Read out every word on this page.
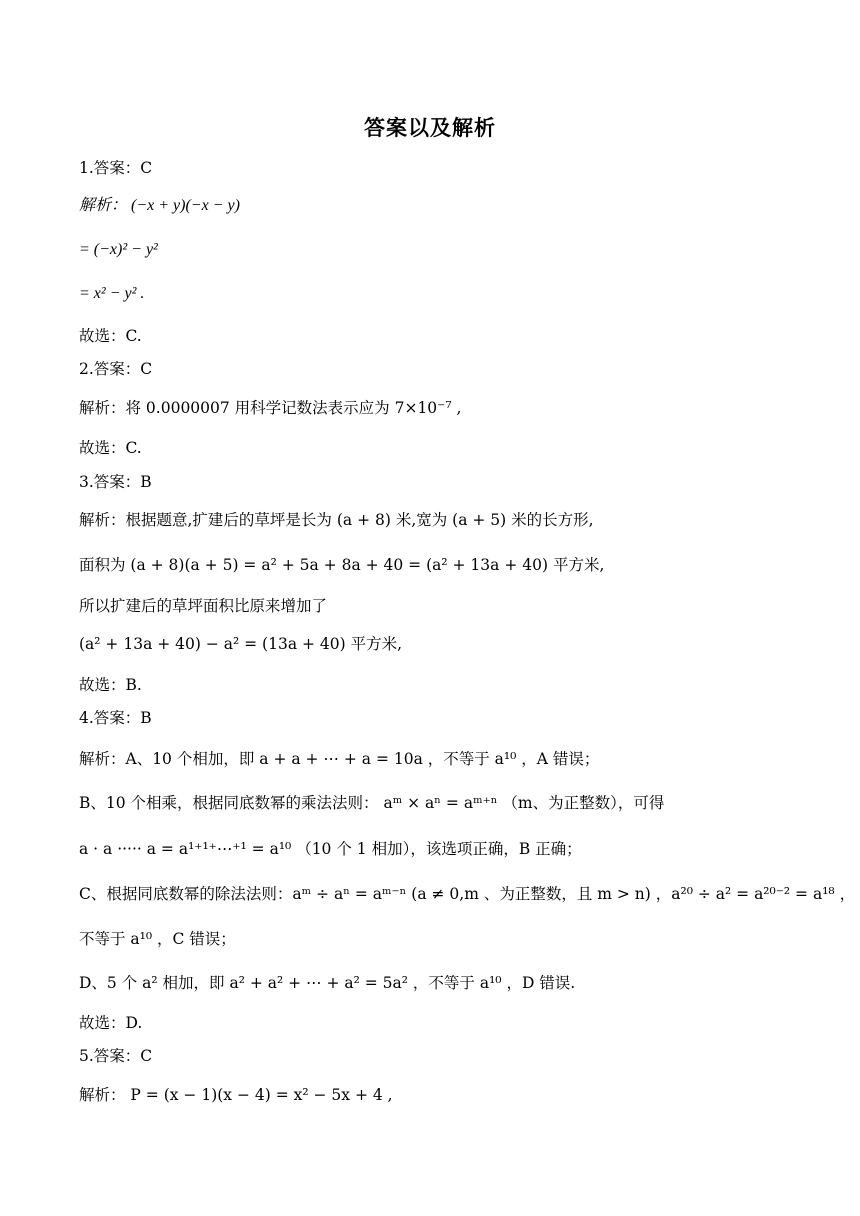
答案以及解析
1.答案：C
解析： (−x + y)(−x − y)
= (−x)² − y²
= x² − y² .
故选：C.
2.答案：C
解析：将 0.0000007 用科学记数法表示应为 7×10⁻⁷ ,
故选：C.
3.答案：B
解析：根据题意,扩建后的草坪是长为 (a + 8) 米,宽为 (a + 5) 米的长方形,
面积为 (a + 8)(a + 5) = a² + 5a + 8a + 40 = (a² + 13a + 40) 平方米,
所以扩建后的草坪面积比原来增加了
(a² + 13a + 40) − a² = (13a + 40) 平方米,
故选：B.
4.答案：B
解析：A、10 个相加，即 a + a + ⋯ + a = 10a ，不等于 a¹⁰ ，A 错误；
B、10 个相乘，根据同底数幂的乘法法则： aᵐ × aⁿ = aᵐ⁺ⁿ （m、为正整数），可得
a · a ····· a = a¹⁺¹⁺⋯⁺¹ = a¹⁰ （10 个 1 相加），该选项正确，B 正确；
C、根据同底数幂的除法法则：aᵐ ÷ aⁿ = aᵐ⁻ⁿ (a ≠ 0,m 、为正整数，且 m > n) ，a²⁰ ÷ a² = a²⁰⁻² = a¹⁸ ，
不等于 a¹⁰ ，C 错误；
D、5 个 a² 相加，即 a² + a² + ⋯ + a² = 5a² ，不等于 a¹⁰ ，D 错误.
故选：D.
5.答案：C
解析： P = (x − 1)(x − 4) = x² − 5x + 4 ,
